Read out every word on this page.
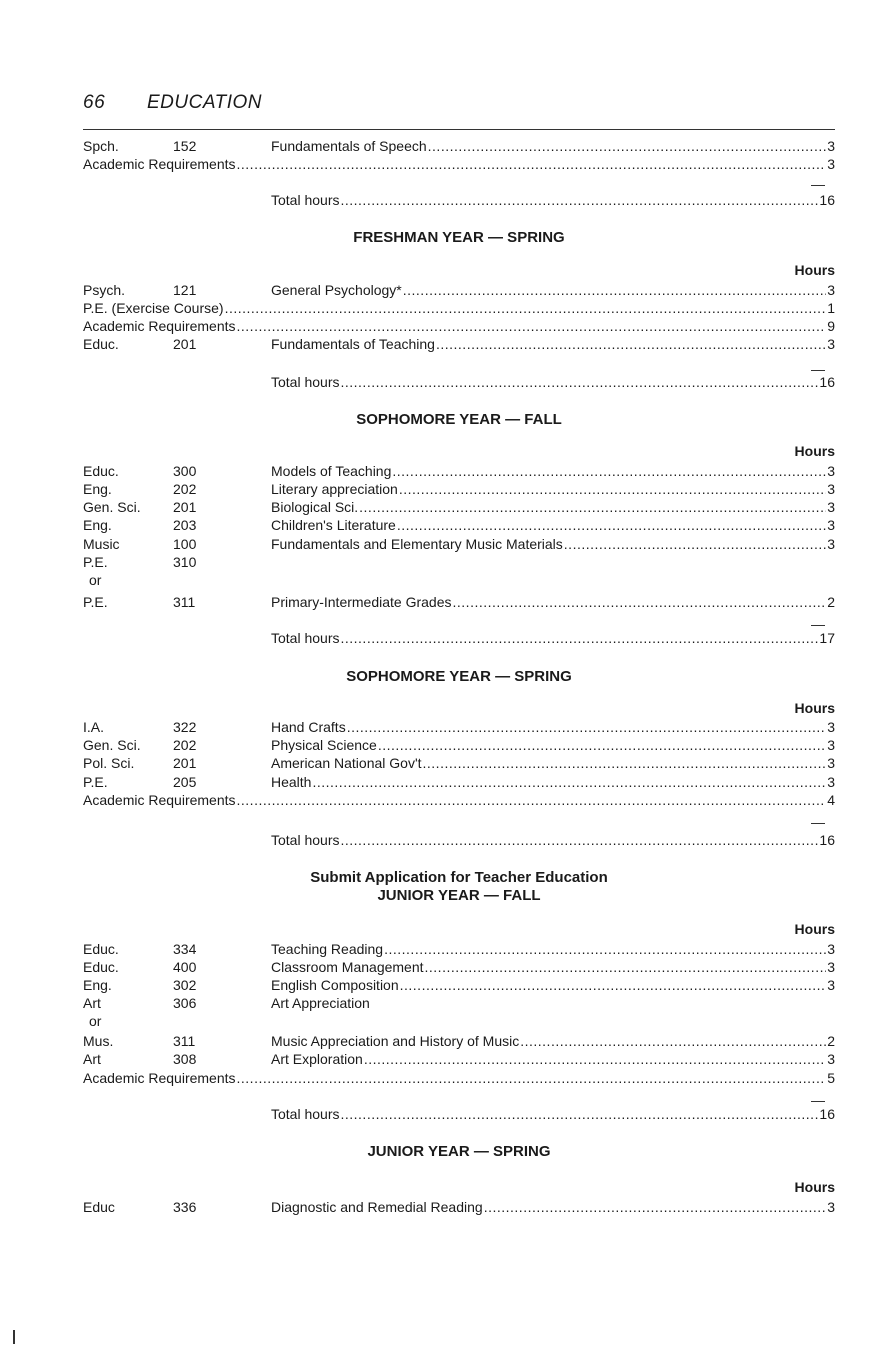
66 EDUCATION
Spch.	152	Fundamentals of Speech .....	3
Academic Requirements .....	3
Total hours .....	16
FRESHMAN YEAR — SPRING
Hours
Psych.	121	General Psychology* .....	3
P.E. (Exercise Course) .....	1
Academic Requirements .....	9
Educ.	201	Fundamentals of Teaching .....	3
Total hours .....	16
SOPHOMORE YEAR — FALL
Hours
Educ.	300	Models of Teaching .....	3
Eng.	202	Literary appreciation .....	3
Gen. Sci. 201	Biological Sci. .....	3
Eng.	203	Children's Literature .....	3
Music	100	Fundamentals and Elementary Music Materials .....	3
P.E.	310
or
P.E.	311	Primary-Intermediate Grades .....	2
Total hours .....	17
SOPHOMORE YEAR — SPRING
Hours
I.A.	322	Hand Crafts .....	3
Gen. Sci. 202	Physical Science .....	3
Pol. Sci.	201	American National Gov't .....	3
P.E.	205	Health .....	3
Academic Requirements .....	4
Total hours .....	16
Submit Application for Teacher Education
JUNIOR YEAR — FALL
Hours
Educ.	334	Teaching Reading .....	3
Educ.	400	Classroom Management .....	3
Eng.	302	English Composition .....	3
Art	306	Art Appreciation
or
Mus.	311	Music Appreciation and History of Music .....	2
Art	308	Art Exploration .....	3
Academic Requirements .....	5
Total hours .....	16
JUNIOR YEAR — SPRING
Hours
Educ	336	Diagnostic and Remedial Reading .....	3
